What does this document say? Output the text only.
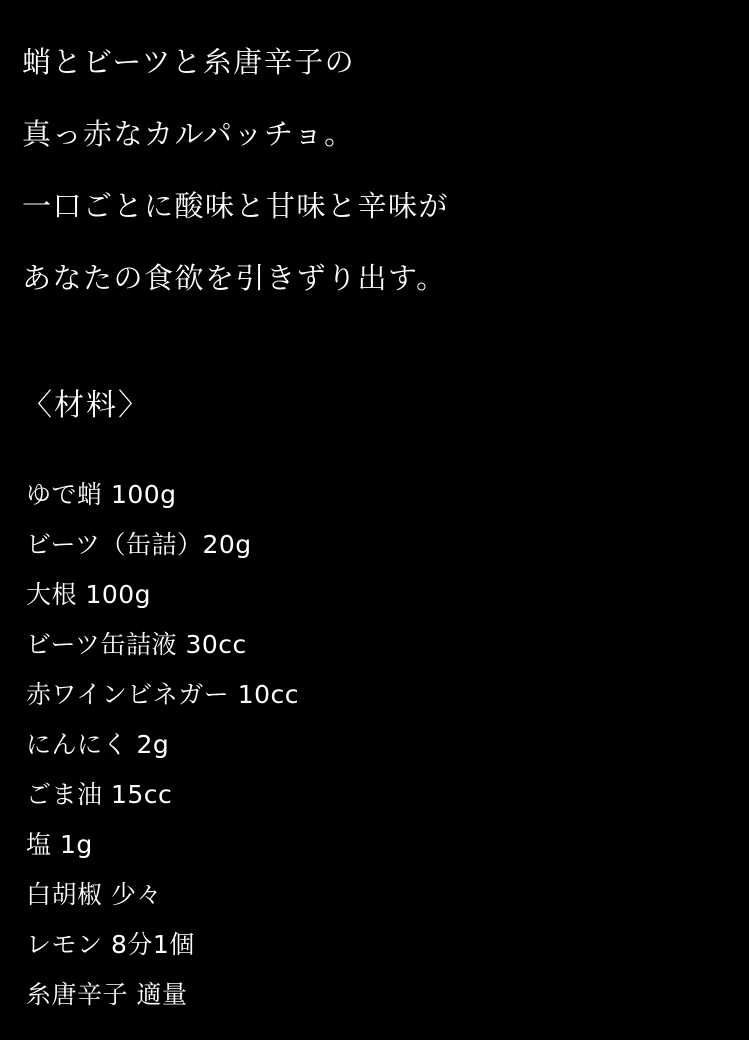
蛸とビーツと糸唐辛子の
真っ赤なカルパッチョ。
一口ごとに酸味と甘味と辛味が
あなたの食欲を引きずり出す。
〈材料〉
ゆで蛸 100g
ビーツ（缶詰）20g
大根 100g
ビーツ缶詰液 30cc
赤ワインビネガー 10cc
にんにく 2g
ごま油 15cc
塩 1g
白胡椒 少々
レモン 8分1個
糸唐辛子 適量
